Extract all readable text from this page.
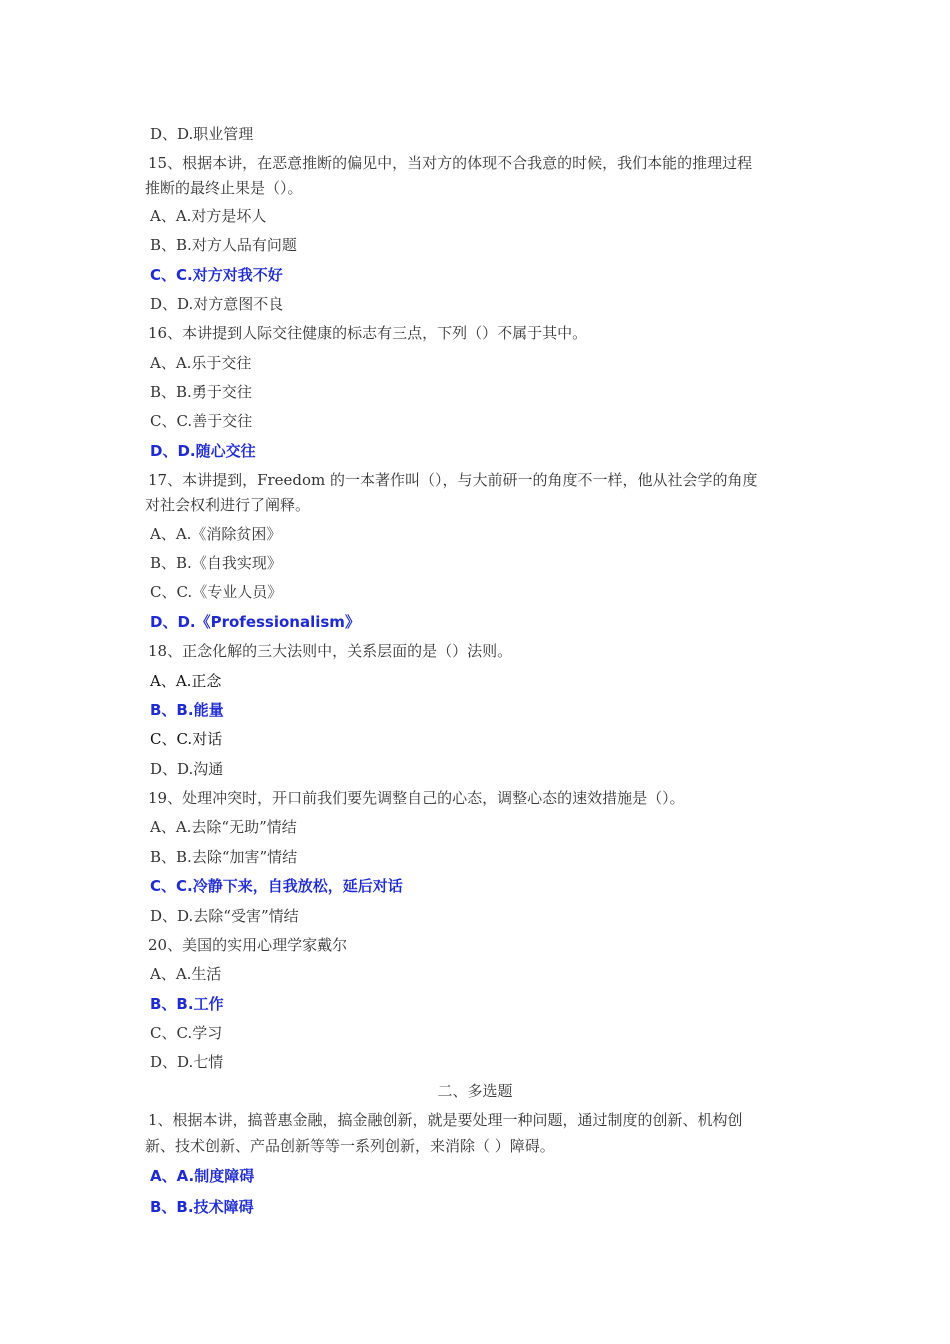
D、D.职业管理
15、根据本讲，在恶意推断的偏见中，当对方的体现不合我意的时候，我们本能的推理过程
推断的最终止果是（）。
A、A.对方是坏人
B、B.对方人品有问题
C、C.对方对我不好
D、D.对方意图不良
16、本讲提到人际交往健康的标志有三点，下列（）不属于其中。
A、A.乐于交往
B、B.勇于交往
C、C.善于交往
D、D.随心交往
17、本讲提到，Freedom 的一本著作叫（），与大前研一的角度不一样，他从社会学的角度
对社会权利进行了阐释。
A、A.《消除贫困》
B、B.《自我实现》
C、C.《专业人员》
D、D.《Professionalism》
18、正念化解的三大法则中，关系层面的是（）法则。
A、A.正念
B、B.能量
C、C.对话
D、D.沟通
19、处理冲突时，开口前我们要先调整自己的心态，调整心态的速效措施是（）。
A、A.去除“无助”情结
B、B.去除“加害”情结
C、C.冷静下来，自我放松，延后对话
D、D.去除“受害”情结
20、美国的实用心理学家戴尔
A、A.生活
B、B.工作
C、C.学习
D、D.七情
二、多选题
1、根据本讲，搞普惠金融，搞金融创新，就是要处理一种问题，通过制度的创新、机构创
新、技术创新、产品创新等等一系列创新，来消除（ ）障碍。
A、A.制度障碍
B、B.技术障碍
